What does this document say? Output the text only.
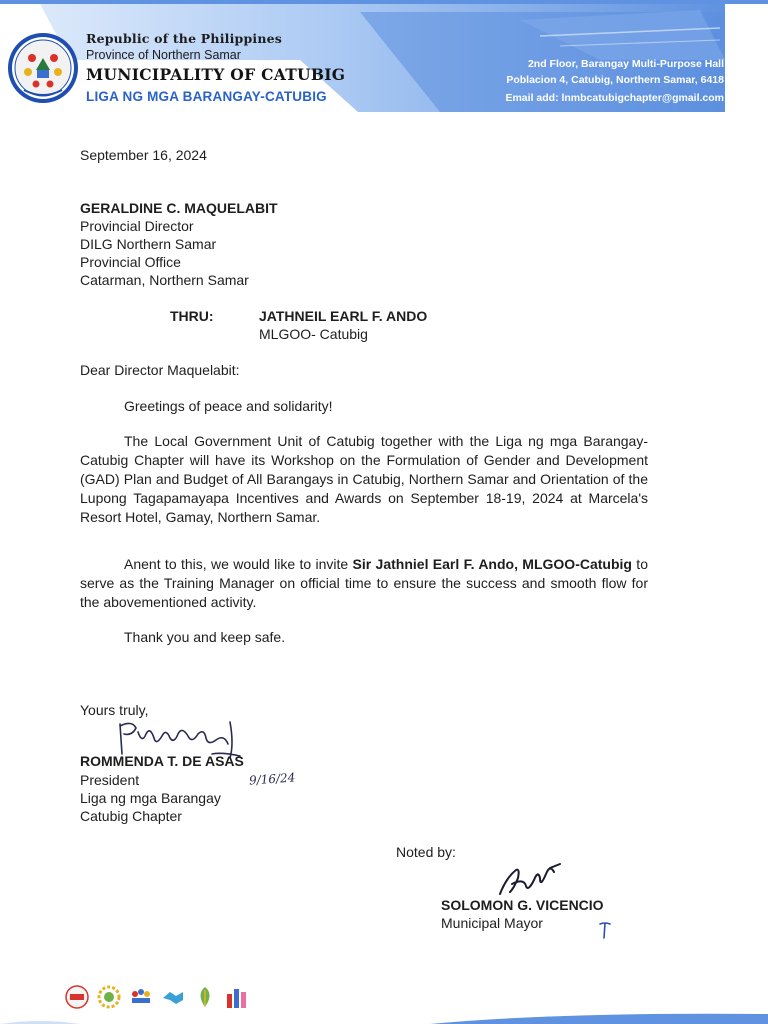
Republic of the Philippines
Province of Northern Samar
MUNICIPALITY OF CATUBIG
LIGA NG MGA BARANGAY-CATUBIG
2nd Floor, Barangay Multi-Purpose Hall
Poblacion 4, Catubig, Northern Samar, 6418
Email add: lnmbcatubigchapter@gmail.com
September 16, 2024
GERALDINE C. MAQUELABIT
Provincial Director
DILG Northern Samar
Provincial Office
Catarman, Northern Samar
THRU:	JATHNEIL EARL F. ANDO
MLGOO- Catubig
Dear Director Maquelabit:
Greetings of peace and solidarity!
The Local Government Unit of Catubig together with the Liga ng mga Barangay-Catubig Chapter will have its Workshop on the Formulation of Gender and Development (GAD) Plan and Budget of All Barangays in Catubig, Northern Samar and Orientation of the Lupong Tagapamayapa Incentives and Awards on September 18-19, 2024 at Marcela's Resort Hotel, Gamay, Northern Samar.
Anent to this, we would like to invite Sir Jathniel Earl F. Ando, MLGOO-Catubig to serve as the Training Manager on official time to ensure the success and smooth flow for the abovementioned activity.
Thank you and keep safe.
Yours truly,
ROMMENDA T. DE ASAS
9/16/24
President
Liga ng mga Barangay
Catubig Chapter
Noted by:
SOLOMON G. VICENCIO
Municipal Mayor
